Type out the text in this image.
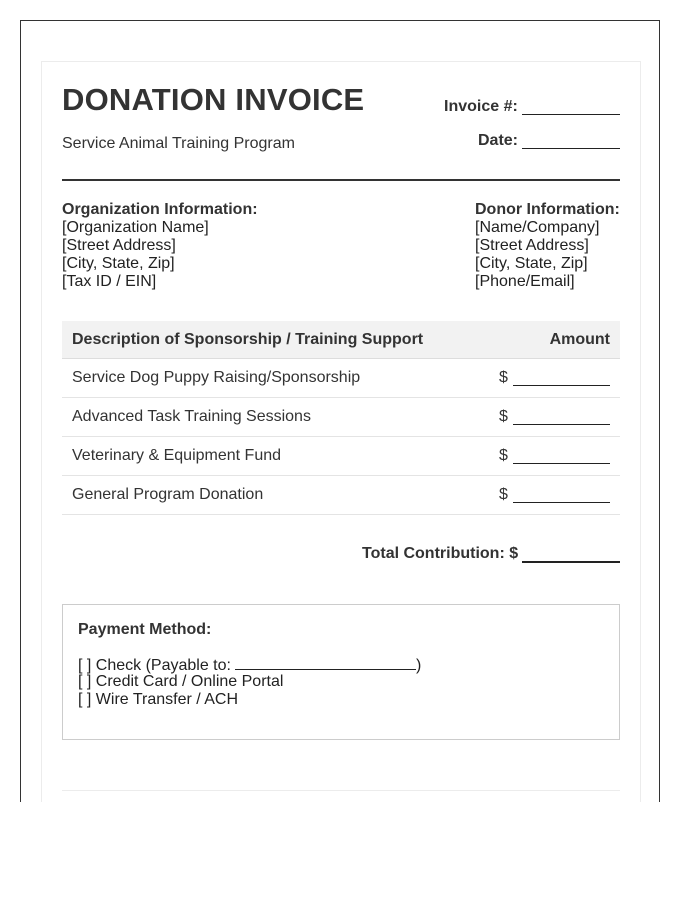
DONATION INVOICE
Service Animal Training Program
Invoice #:
Date:
Organization Information:
[Organization Name]
[Street Address]
[City, State, Zip]
[Tax ID / EIN]
Donor Information:
[Name/Company]
[Street Address]
[City, State, Zip]
[Phone/Email]
Description of Sponsorship / Training Support	Amount
Service Dog Puppy Raising/Sponsorship	$
Advanced Task Training Sessions	$
Veterinary & Equipment Fund	$
General Program Donation	$
Total Contribution: $
Payment Method:
[ ] Check (Payable to:	)
[ ] Credit Card / Online Portal
[ ] Wire Transfer / ACH
